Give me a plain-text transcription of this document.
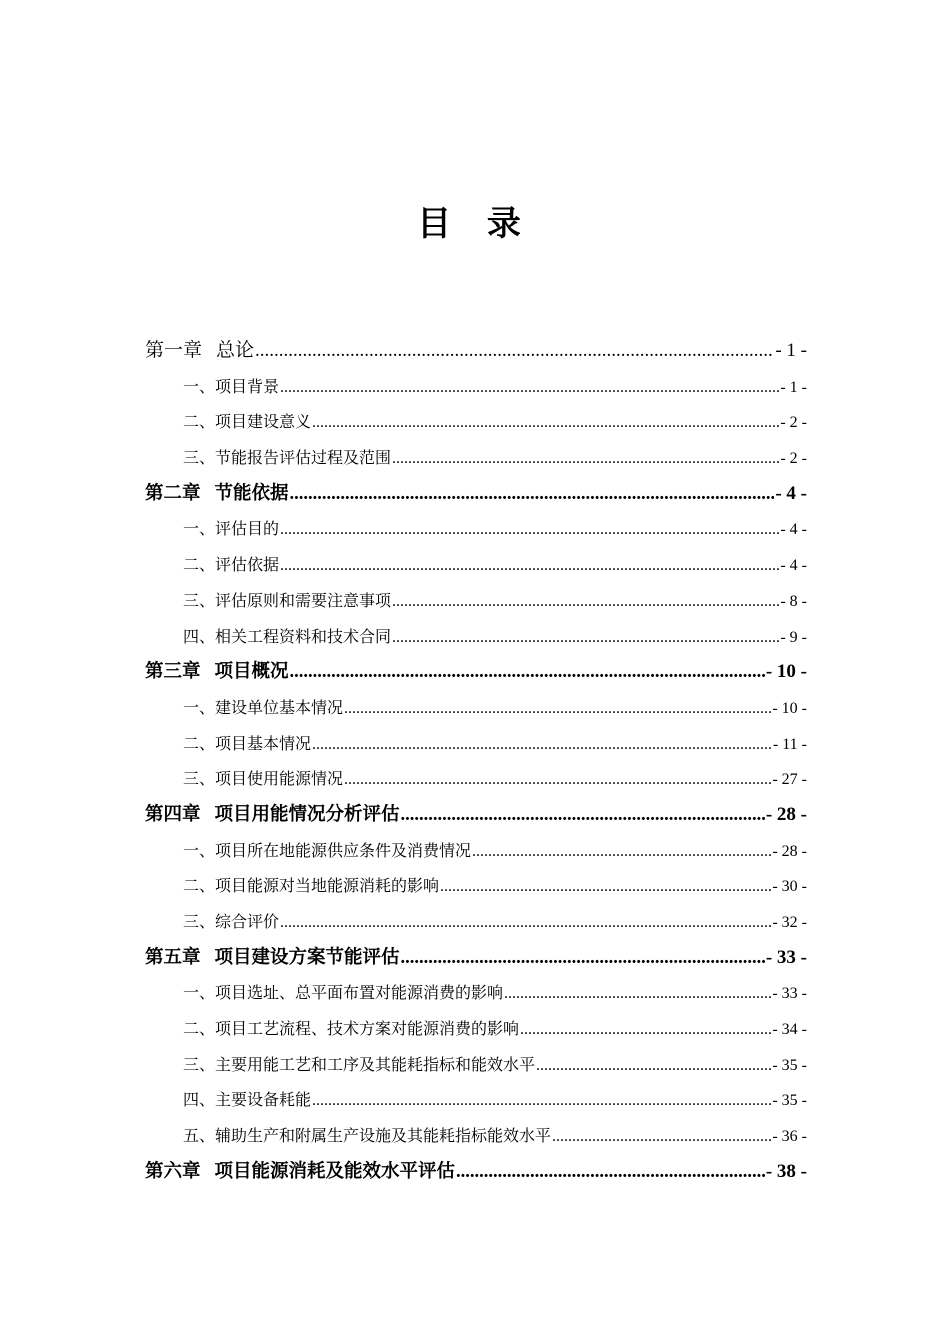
目 录
第一章 总论 .....	- 1 -
一、项目背景 .....	- 1 -
二、项目建设意义 .....	- 2 -
三、节能报告评估过程及范围 .....	- 2 -
第二章 节能依据 .....	- 4 -
一、评估目的 .....	- 4 -
二、评估依据 .....	- 4 -
三、评估原则和需要注意事项 .....	- 8 -
四、相关工程资料和技术合同 .....	- 9 -
第三章 项目概况 .....	- 10 -
一、建设单位基本情况 .....	- 10 -
二、项目基本情况 .....	- 11 -
三、项目使用能源情况 .....	- 27 -
第四章 项目用能情况分析评估 .....	- 28 -
一、项目所在地能源供应条件及消费情况 .....	- 28 -
二、项目能源对当地能源消耗的影响 .....	- 30 -
三、综合评价 .....	- 32 -
第五章 项目建设方案节能评估 .....	- 33 -
一、项目选址、总平面布置对能源消费的影响 .....	- 33 -
二、项目工艺流程、技术方案对能源消费的影响 .....	- 34 -
三、主要用能工艺和工序及其能耗指标和能效水平 .....	- 35 -
四、主要设备耗能 .....	- 35 -
五、辅助生产和附属生产设施及其能耗指标能效水平 .....	- 36 -
第六章 项目能源消耗及能效水平评估 .....	- 38 -
